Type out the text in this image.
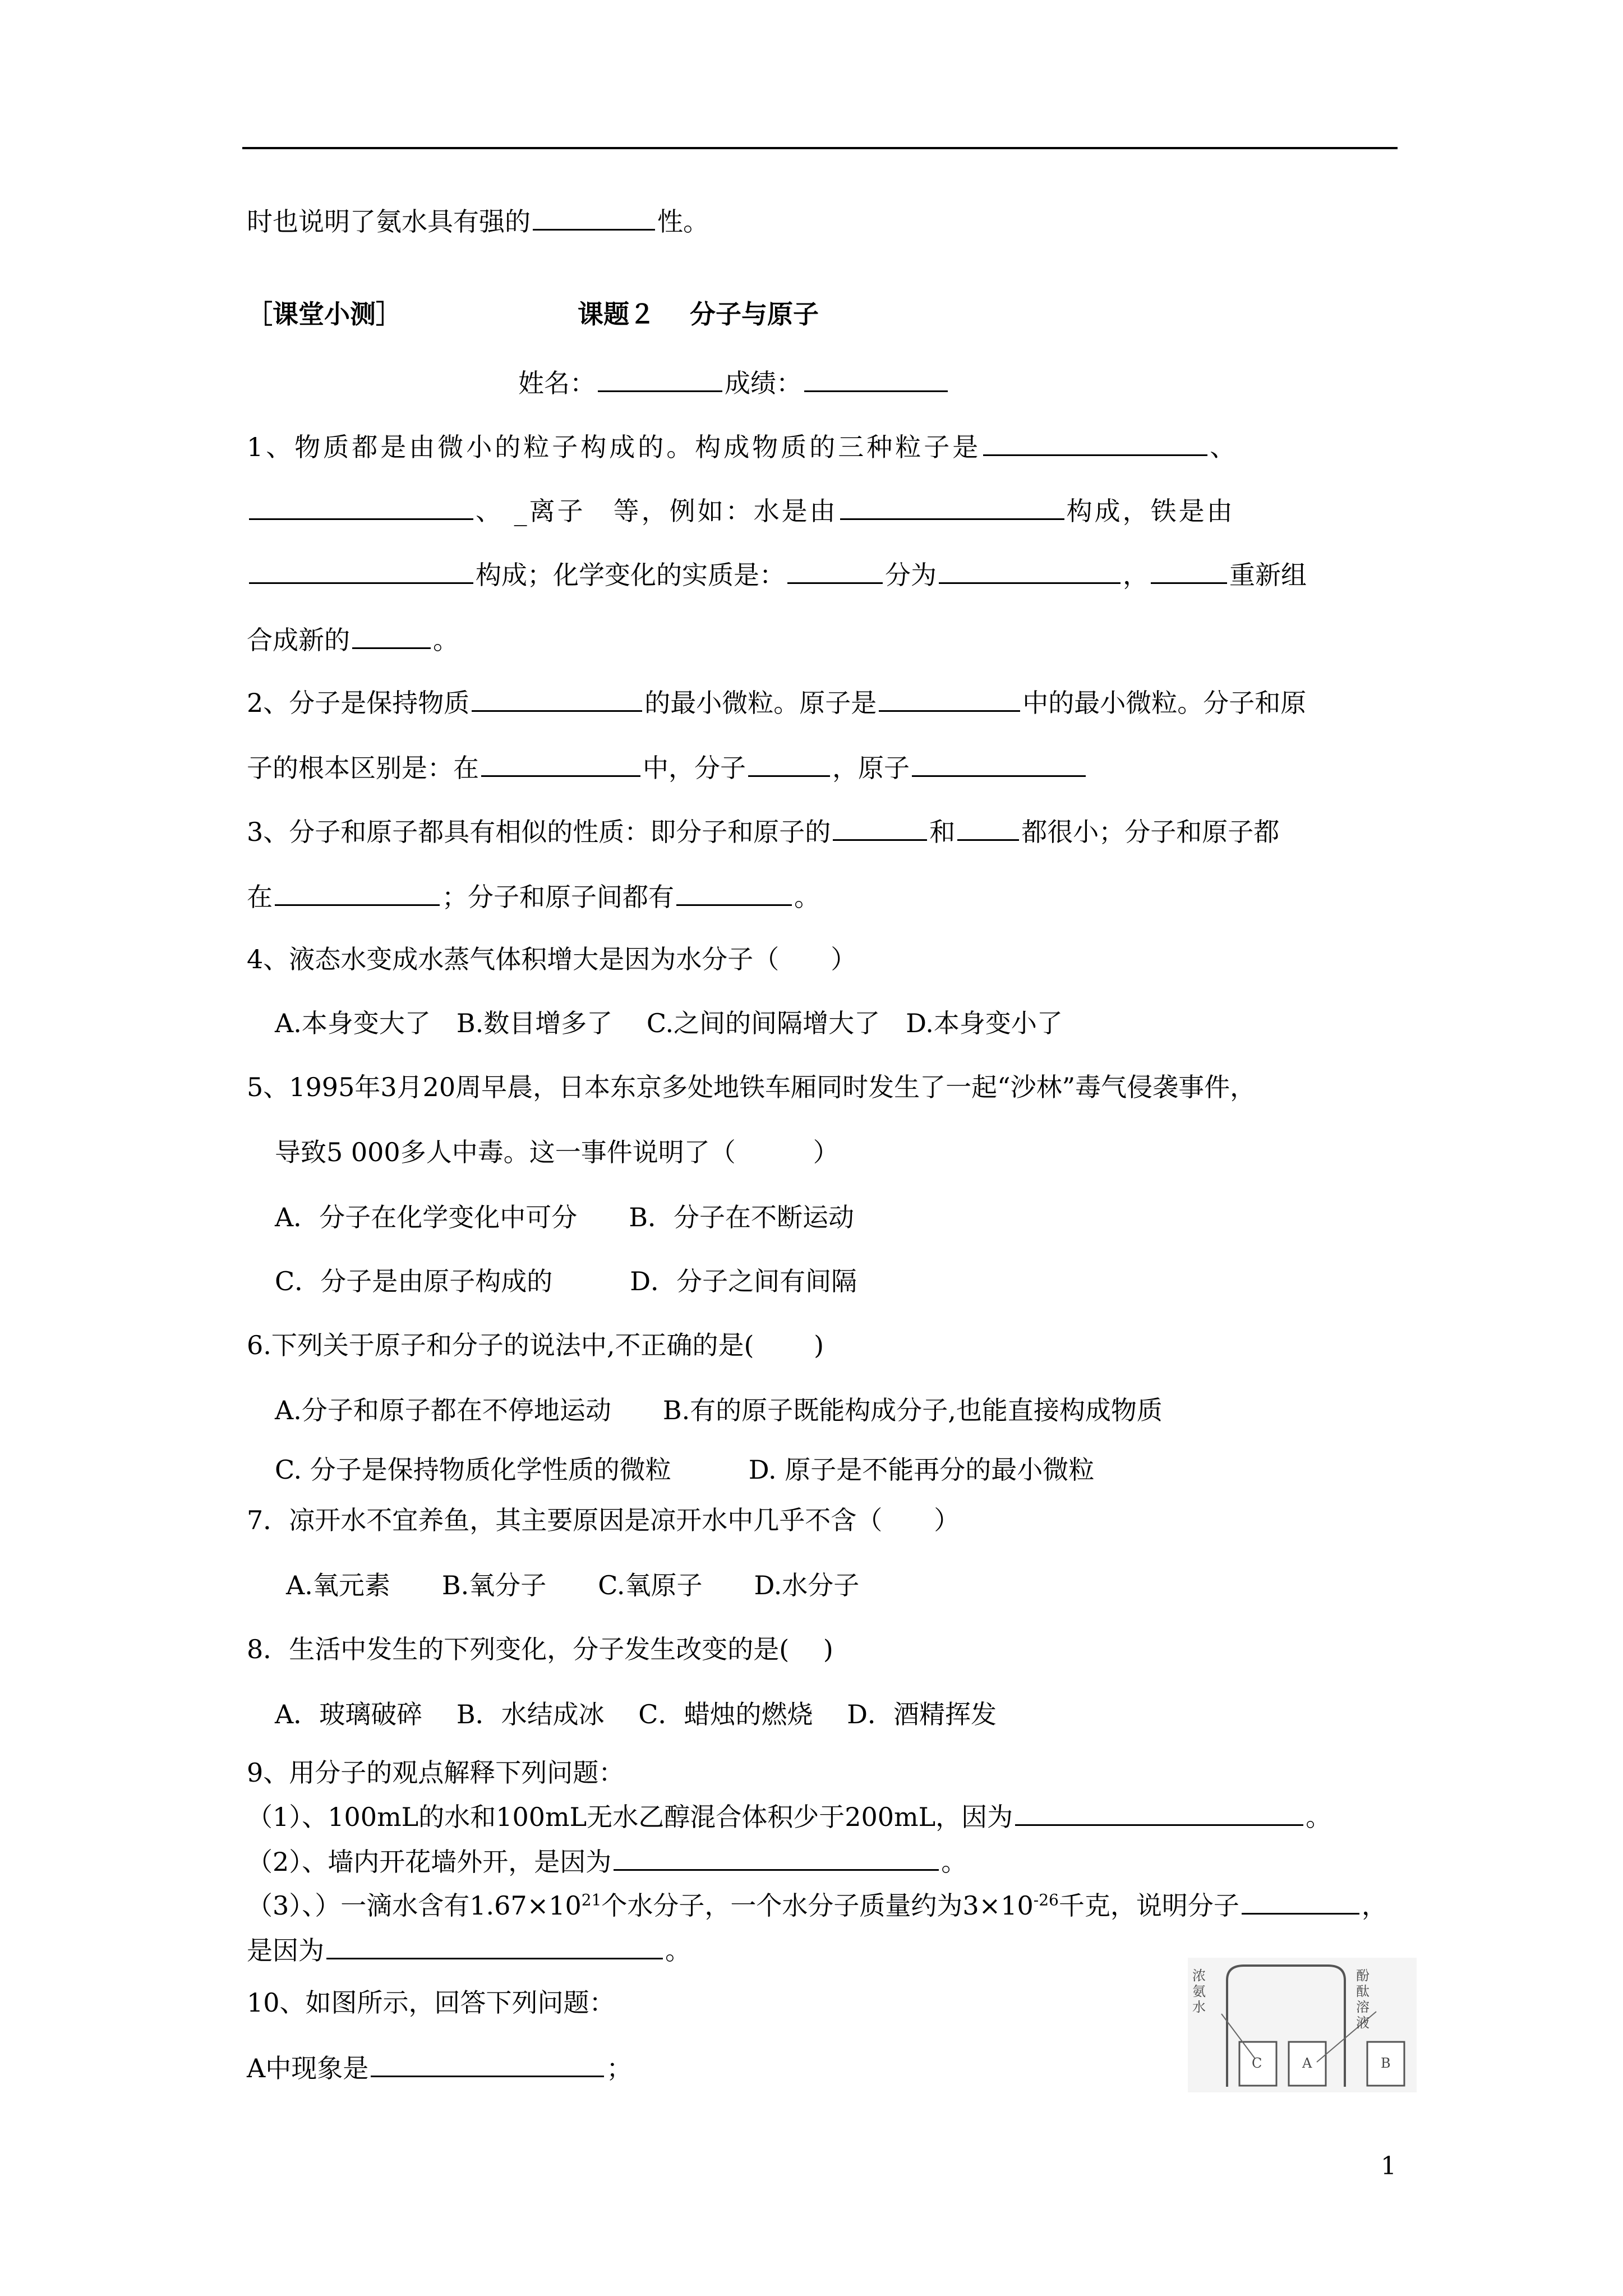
时也说明了氨水具有强的	性。
［课堂小测］	课题２　 分子与原子
姓名：	成绩：
1、物质都是由微小的粒子构成的。构成物质的三种粒子是	、
、 _离子　等，例如：水是由	构成，铁是由
构成；化学变化的实质是：	分为	，	重新组
合成新的	。
2、分子是保持物质	的最小微粒。原子是	中的最小微粒。分子和原
子的根本区别是：在	中，分子	，原子
3、分子和原子都具有相似的性质：即分子和原子的	和	都很小；分子和原子都
在	；分子和原子间都有	。
4、液态水变成水蒸气体积增大是因为水分子（　　）
A.本身变大了　B.数目增多了　 C.之间的间隔增大了　D.本身变小了
5、1995年3月20周早晨，日本东京多处地铁车厢同时发生了一起“沙林”毒气侵袭事件，
导致5 000多人中毒。这一事件说明了（　　　）
A．分子在化学变化中可分　　B．分子在不断运动
C．分子是由原子构成的　　　D．分子之间有间隔
6.下列关于原子和分子的说法中,不正确的是(　　 )
A.分子和原子都在不停地运动　　B.有的原子既能构成分子,也能直接构成物质
C. 分子是保持物质化学性质的微粒　　　D. 原子是不能再分的最小微粒
7．凉开水不宜养鱼，其主要原因是凉开水中几乎不含（　　）
A.氧元素　　B.氧分子　　C.氧原子　　D.水分子
8．生活中发生的下列变化，分子发生改变的是(　 )
A．玻璃破碎　 B．水结成冰　 C．蜡烛的燃烧　 D．酒精挥发
9、用分子的观点解释下列问题：
（1）、100mL的水和100mL无水乙醇混合体积少于200mL，因为	。
（2）、墙内开花墙外开，是因为	。
（3）、）一滴水含有$1.67\times 10^{21}$个水分子，一个水分子质量约为$3\times 10^{-26}$千克，说明分子	，
是因为	。
10、如图所示，回答下列问题：
A中现象是	；
浓氨水
酚酞溶液
C	A	B
1
